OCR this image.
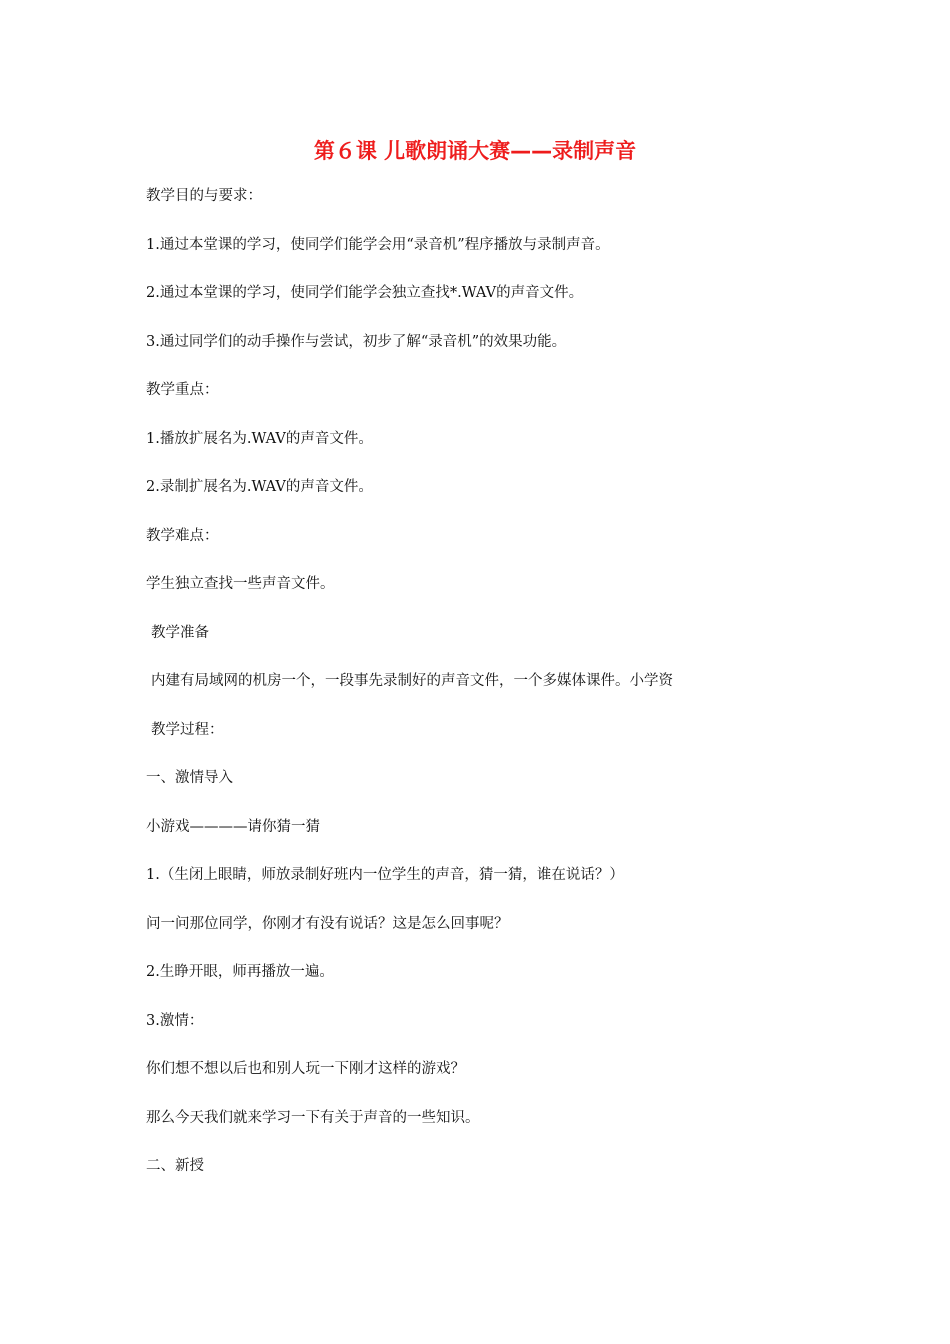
第６课 儿歌朗诵大赛——录制声音
教学目的与要求：
1.通过本堂课的学习，使同学们能学会用“录音机”程序播放与录制声音。
2.通过本堂课的学习，使同学们能学会独立查找*.WAV的声音文件。
3.通过同学们的动手操作与尝试，初步了解“录音机”的效果功能。
教学重点：
1.播放扩展名为.WAV的声音文件。
2.录制扩展名为.WAV的声音文件。
教学难点：
学生独立查找一些声音文件。
教学准备
内建有局域网的机房一个，一段事先录制好的声音文件，一个多媒体课件。小学资
教学过程：
一、激情导入
小游戏————请你猜一猜
1.（生闭上眼睛，师放录制好班内一位学生的声音，猜一猜，谁在说话？）
问一问那位同学，你刚才有没有说话？这是怎么回事呢？
2.生睁开眼，师再播放一遍。
3.激情：
你们想不想以后也和别人玩一下刚才这样的游戏？
那么今天我们就来学习一下有关于声音的一些知识。
二、新授
